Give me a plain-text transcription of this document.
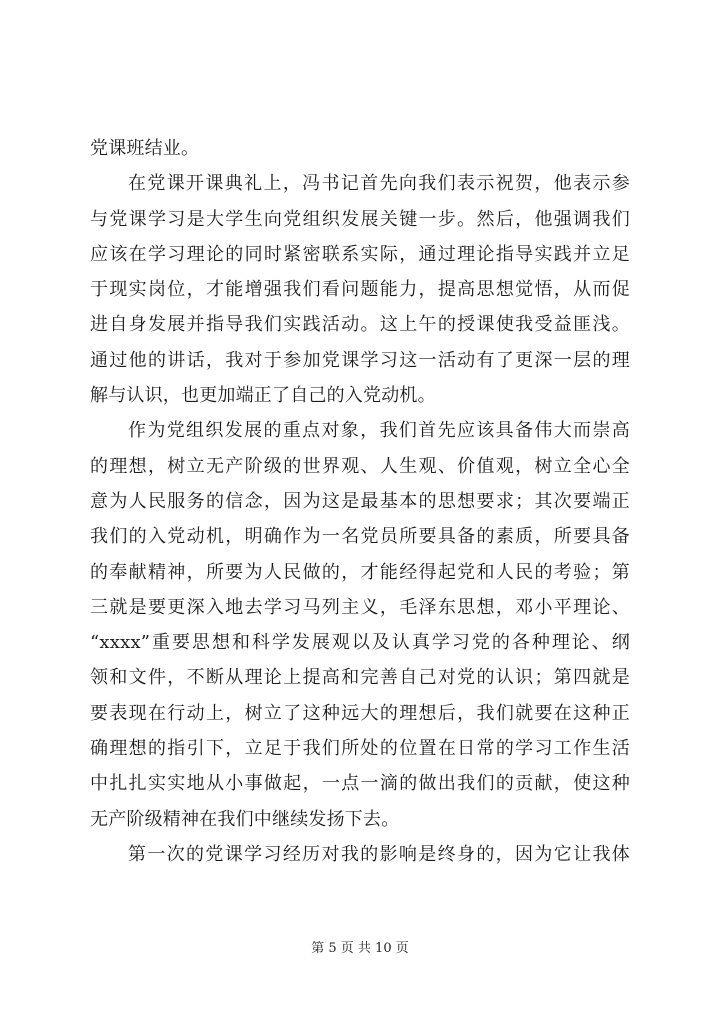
党课班结业。
在党课开课典礼上，冯书记首先向我们表示祝贺，他表示参
与党课学习是大学生向党组织发展关键一步。然后，他强调我们
应该在学习理论的同时紧密联系实际，通过理论指导实践并立足
于现实岗位，才能增强我们看问题能力，提高思想觉悟，从而促
进自身发展并指导我们实践活动。这上午的授课使我受益匪浅。
通过他的讲话，我对于参加党课学习这一活动有了更深一层的理
解与认识，也更加端正了自己的入党动机。
作为党组织发展的重点对象，我们首先应该具备伟大而崇高
的理想，树立无产阶级的世界观、人生观、价值观，树立全心全
意为人民服务的信念，因为这是最基本的思想要求；其次要端正
我们的入党动机，明确作为一名党员所要具备的素质，所要具备
的奉献精神，所要为人民做的，才能经得起党和人民的考验；第
三就是要更深入地去学习马列主义，毛泽东思想，邓小平理论、
“xxxx”重要思想和科学发展观以及认真学习党的各种理论、纲
领和文件，不断从理论上提高和完善自己对党的认识；第四就是
要表现在行动上，树立了这种远大的理想后，我们就要在这种正
确理想的指引下，立足于我们所处的位置在日常的学习工作生活
中扎扎实实地从小事做起，一点一滴的做出我们的贡献，使这种
无产阶级精神在我们中继续发扬下去。
第一次的党课学习经历对我的影响是终身的，因为它让我体
第 5 页 共 10 页
